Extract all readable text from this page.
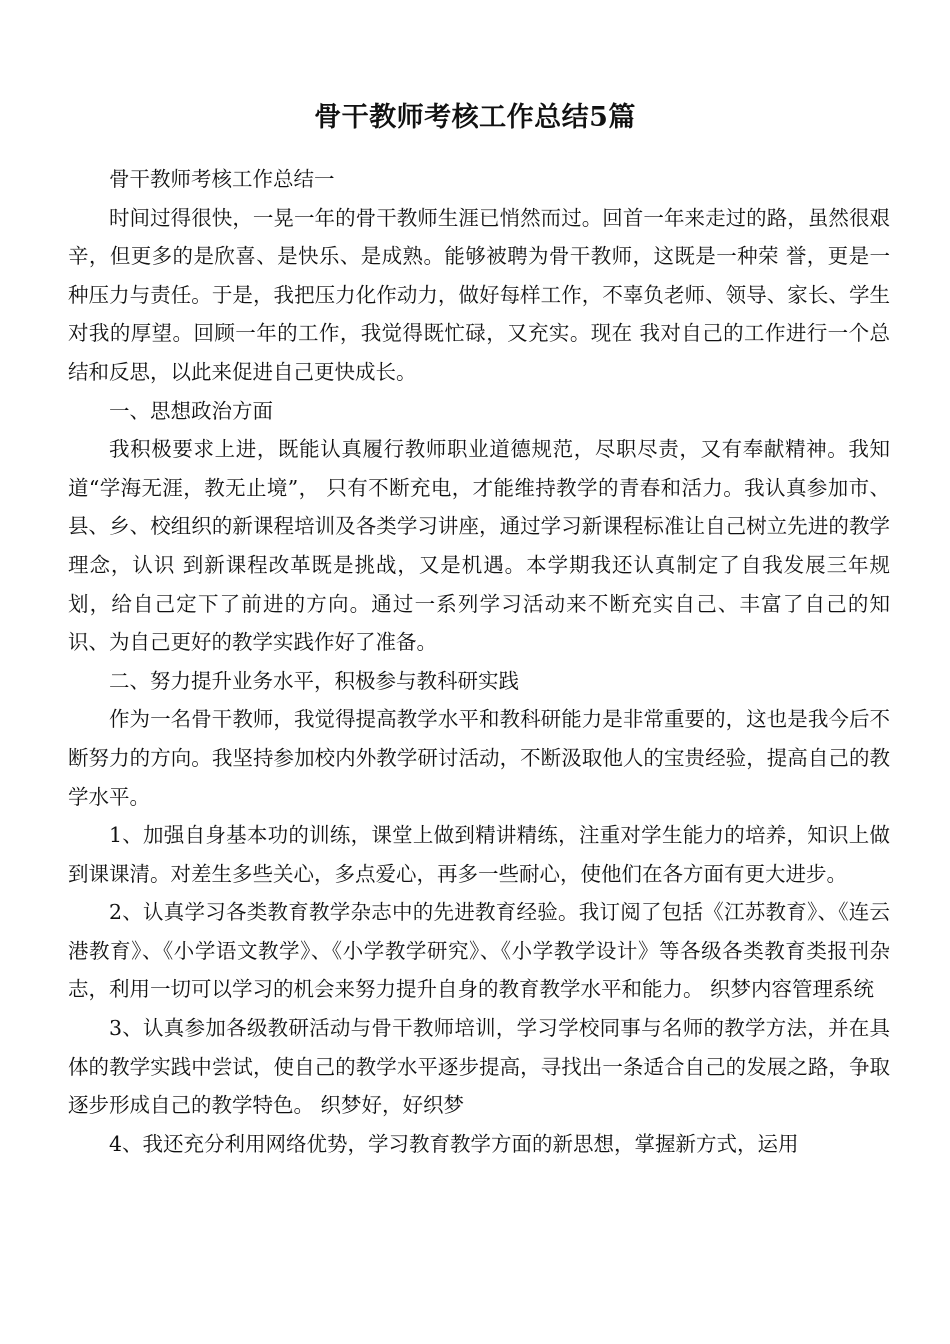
骨干教师考核工作总结5篇

骨干教师考核工作总结一

时间过得很快，一晃一年的骨干教师生涯已悄然而过。回首一年来走过的路，虽然很艰辛，但更多的是欣喜、是快乐、是成熟。能够被聘为骨干教师，这既是一种荣 誉，更是一种压力与责任。于是，我把压力化作动力，做好每样工作，不辜负老师、领导、家长、学生对我的厚望。回顾一年的工作，我觉得既忙碌，又充实。现在 我对自己的工作进行一个总结和反思，以此来促进自己更快成长。

一、思想政治方面

我积极要求上进，既能认真履行教师职业道德规范，尽职尽责，又有奉献精神。我知道“学海无涯，教无止境”， 只有不断充电，才能维持教学的青春和活力。我认真参加市、县、乡、校组织的新课程培训及各类学习讲座，通过学习新课程标准让自己树立先进的教学理念，认识 到新课程改革既是挑战，又是机遇。本学期我还认真制定了自我发展三年规划，给自己定下了前进的方向。通过一系列学习活动来不断充实自己、丰富了自己的知 识、为自己更好的教学实践作好了准备。

二、努力提升业务水平，积极参与教科研实践

作为一名骨干教师，我觉得提高教学水平和教科研能力是非常重要的，这也是我今后不断努力的方向。我坚持参加校内外教学研讨活动，不断汲取他人的宝贵经验，提高自己的教学水平。

1、加强自身基本功的训练，课堂上做到精讲精练，注重对学生能力的培养，知识上做到课课清。对差生多些关心，多点爱心，再多一些耐心，使他们在各方面有更大进步。

2、认真学习各类教育教学杂志中的先进教育经验。我订阅了包括《江苏教育》、《连云港教育》、《小学语文教学》、《小学教学研究》、《小学教学设计》等各级各类教育类报刊杂志，利用一切可以学习的机会来努力提升自身的教育教学水平和能力。 织梦内容管理系统

3、认真参加各级教研活动与骨干教师培训，学习学校同事与名师的教学方法，并在具体的教学实践中尝试，使自己的教学水平逐步提高，寻找出一条适合自己的发展之路，争取逐步形成自己的教学特色。 织梦好，好织梦

4、我还充分利用网络优势，学习教育教学方面的新思想，掌握新方式，运用
